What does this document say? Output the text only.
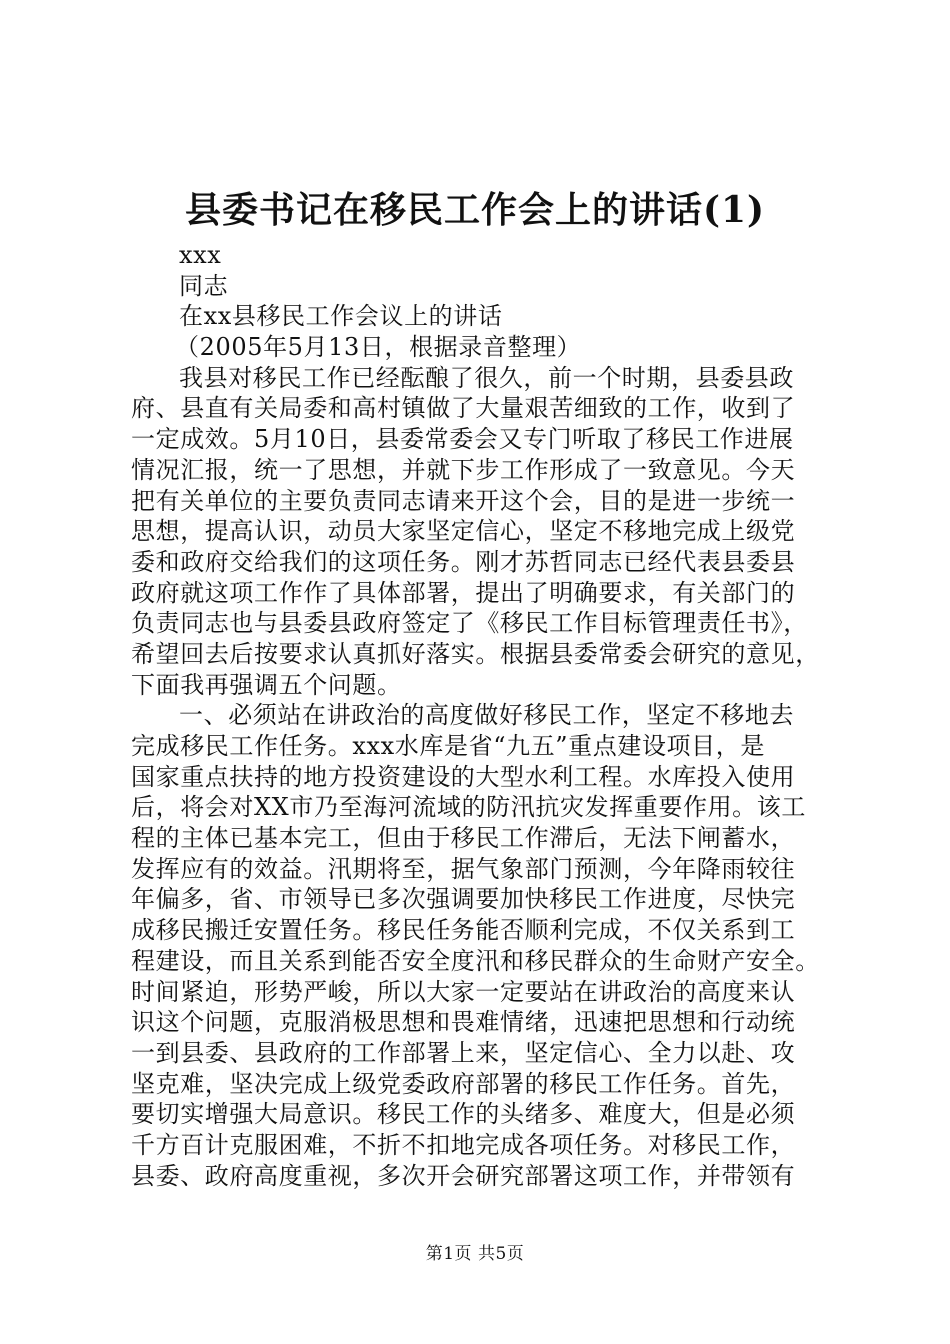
县委书记在移民工作会上的讲话(1)
xxx
同志
在xx县移民工作会议上的讲话
（2005年5月13日，根据录音整理）
我县对移民工作已经酝酿了很久，前一个时期，县委县政
府、县直有关局委和高村镇做了大量艰苦细致的工作，收到了
一定成效。5月10日，县委常委会又专门听取了移民工作进展
情况汇报，统一了思想，并就下步工作形成了一致意见。今天
把有关单位的主要负责同志请来开这个会，目的是进一步统一
思想，提高认识，动员大家坚定信心，坚定不移地完成上级党
委和政府交给我们的这项任务。刚才苏哲同志已经代表县委县
政府就这项工作作了具体部署，提出了明确要求，有关部门的
负责同志也与县委县政府签定了《移民工作目标管理责任书》，
希望回去后按要求认真抓好落实。根据县委常委会研究的意见，
下面我再强调五个问题。
一、必须站在讲政治的高度做好移民工作，坚定不移地去
完成移民工作任务。xxx水库是省“九五”重点建设项目，是
国家重点扶持的地方投资建设的大型水利工程。水库投入使用
后，将会对XX市乃至海河流域的防汛抗灾发挥重要作用。该工
程的主体已基本完工，但由于移民工作滞后，无法下闸蓄水，
发挥应有的效益。汛期将至，据气象部门预测，今年降雨较往
年偏多，省、市领导已多次强调要加快移民工作进度，尽快完
成移民搬迁安置任务。移民任务能否顺利完成，不仅关系到工
程建设，而且关系到能否安全度汛和移民群众的生命财产安全。
时间紧迫，形势严峻，所以大家一定要站在讲政治的高度来认
识这个问题，克服消极思想和畏难情绪，迅速把思想和行动统
一到县委、县政府的工作部署上来，坚定信心、全力以赴、攻
坚克难，坚决完成上级党委政府部署的移民工作任务。首先，
要切实增强大局意识。移民工作的头绪多、难度大，但是必须
千方百计克服困难，不折不扣地完成各项任务。对移民工作，
县委、政府高度重视，多次开会研究部署这项工作，并带领有
第1页 共5页
